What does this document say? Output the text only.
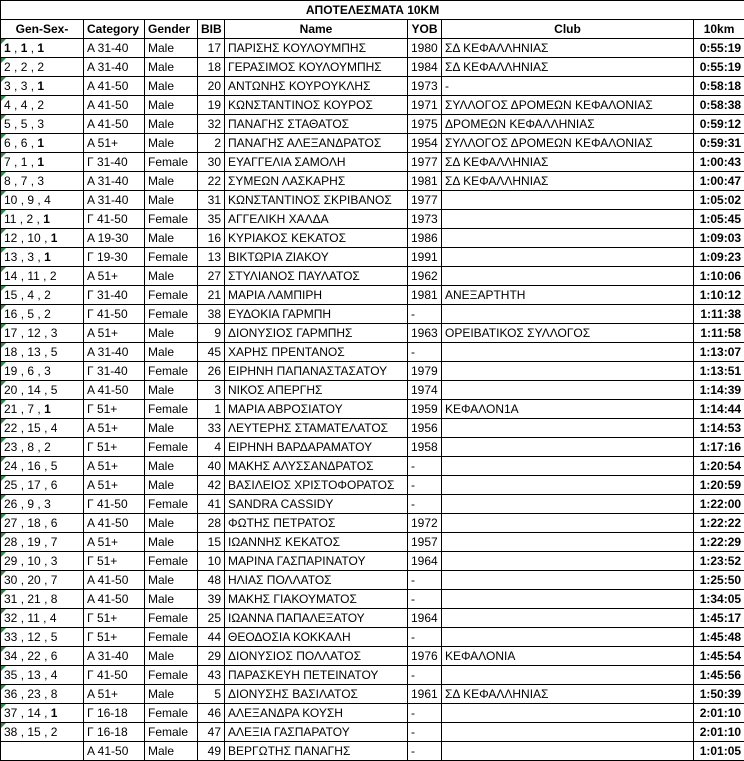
ΑΠΟΤΕΛΕΣΜΑΤΑ 10ΚΜ							
Gen-Sex-	Category	Gender	BIB	Name	YOB	Club	10km
1 , 1 , 1	Α 31-40	Male	17	ΠΑΡΙΣΗΣ ΚΟΥΛΟΥΜΠΗΣ	1980	ΣΔ ΚΕΦΑΛΛΗΝΙΑΣ	0:55:19
2 , 2 , 2	Α 31-40	Male	18	ΓΕΡΑΣΙΜΟΣ ΚΟΥΛΟΥΜΠΗΣ	1984	ΣΔ ΚΕΦΑΛΛΗΝΙΑΣ	0:55:19
3 , 3 , 1	Α 41-50	Male	20	ΑΝΤΩΝΗΣ ΚΟΥΡΟΥΚΛΗΣ	1973	-	0:58:18
4 , 4 , 2	Α 41-50	Male	19	ΚΩΝΣΤΑΝΤΙΝΟΣ ΚΟΥΡΟΣ	1971	ΣΥΛΛΟΓΟΣ ΔΡΟΜΕΩΝ ΚΕΦΑΛΟΝΙΑΣ	0:58:38
5 , 5 , 3	Α 41-50	Male	32	ΠΑΝΑΓΗΣ ΣΤΑΘΑΤΟΣ	1975	ΔΡΟΜΕΩΝ ΚΕΦΑΛΛΗΝΙΑΣ	0:59:12
6 , 6 , 1	Α 51+	Male	2	ΠΑΝΑΓΗΣ ΑΛΕΞΑΝΔΡΑΤΟΣ	1954	ΣΥΛΛΟΓΟΣ ΔΡΟΜΕΩΝ ΚΕΦΑΛΟΝΙΑΣ	0:59:31
7 , 1 , 1	Γ 31-40	Female	30	ΕΥΑΓΓΕΛΙΑ ΣΑΜΟΛΗ	1977	ΣΔ ΚΕΦΑΛΛΗΝΙΑΣ	1:00:43
8 , 7 , 3	Α 31-40	Male	22	ΣΥΜΕΩΝ ΛΑΣΚΑΡΗΣ	1981	ΣΔ ΚΕΦΑΛΛΗΝΙΑΣ	1:00:47
10 , 9 , 4	Α 31-40	Male	31	ΚΩΝΣΤΑΝΤΙΝΟΣ ΣΚΡΙΒΑΝΟΣ	1977		1:05:02
11 , 2 , 1	Γ 41-50	Female	35	ΑΓΓΕΛΙΚΗ ΧΑΛΔΑ	1973		1:05:45
12 , 10 , 1	Α 19-30	Male	16	ΚΥΡΙΑΚΟΣ ΚΕΚΑΤΟΣ	1986		1:09:03
13 , 3 , 1	Γ 19-30	Female	13	ΒΙΚΤΩΡΙΑ ΖΙΑΚΟΥ	1991		1:09:23
14 , 11 , 2	Α 51+	Male	27	ΣΤΥΛΙΑΝΟΣ ΠΑΥΛΑΤΟΣ	1962		1:10:06
15 , 4 , 2	Γ 31-40	Female	21	ΜΑΡΙΑ ΛΑΜΠΙΡΗ	1981	ΑΝΕΞΑΡΤΗΤΗ	1:10:12
16 , 5 , 2	Γ 41-50	Female	38	ΕΥΔΟΚΙΑ ΓΑΡΜΠΗ	-		1:11:38
17 , 12 , 3	Α 51+	Male	9	ΔΙΟΝΥΣΙΟΣ ΓΑΡΜΠΗΣ	1963	ΟΡΕΙΒΑΤΙΚΟΣ ΣΥΛΛΟΓΟΣ	1:11:58
18 , 13 , 5	Α 31-40	Male	45	ΧΑΡΗΣ ΠΡΕΝΤΑΝΟΣ	-		1:13:07
19 , 6 , 3	Γ 31-40	Female	26	ΕΙΡΗΝΗ ΠΑΠΑΝΑΣΤΑΣΑΤΟΥ	1979		1:13:51
20 , 14 , 5	Α 41-50	Male	3	ΝΙΚΟΣ ΑΠΕΡΓΗΣ	1974		1:14:39
21 , 7 , 1	Γ 51+	Female	1	ΜΑΡΙΑ ΑΒΡΟΣΙΑΤΟΥ	1959	ΚΕΦΑΛΟΝ1Α	1:14:44
22 , 15 , 4	Α 51+	Male	33	ΛΕΥΤΕΡΗΣ ΣΤΑΜΑΤΕΛΑΤΟΣ	1956		1:14:53
23 , 8 , 2	Γ 51+	Female	4	ΕΙΡΗΝΗ ΒΑΡΔΑΡΑΜΑΤΟΥ	1958		1:17:16
24 , 16 , 5	Α 51+	Male	40	ΜΑΚΗΣ ΑΛΥΣΣΑΝΔΡΑΤΟΣ	-		1:20:54
25 , 17 , 6	Α 51+	Male	42	ΒΑΣΙΛΕΙΟΣ ΧΡΙΣΤΟΦΟΡΑΤΟΣ	-		1:20:59
26 , 9 , 3	Γ 41-50	Female	41	SANDRA CASSIDY	-		1:22:00
27 , 18 , 6	Α 41-50	Male	28	ΦΩΤΗΣ ΠΕΤΡΑΤΟΣ	1972		1:22:22
28 , 19 , 7	Α 51+	Male	15	ΙΩΑΝΝΗΣ ΚΕΚΑΤΟΣ	1957		1:22:29
29 , 10 , 3	Γ 51+	Female	10	ΜΑΡΙΝΑ ΓΑΣΠΑΡΙΝΑΤΟΥ	1964		1:23:52
30 , 20 , 7	Α 41-50	Male	48	ΗΛΙΑΣ ΠΟΛΛΑΤΟΣ	-		1:25:50
31 , 21 , 8	Α 41-50	Male	39	ΜΑΚΗΣ ΓΙΑΚΟΥΜΑΤΟΣ	-		1:34:05
32 , 11 , 4	Γ 51+	Female	25	ΙΩΑΝΝΑ ΠΑΠΑΛΕΞΑΤΟΥ	1964		1:45:17
33 , 12 , 5	Γ 51+	Female	44	ΘΕΟΔΟΣΙΑ ΚΟΚΚΑΛΗ	-		1:45:48
34 , 22 , 6	Α 31-40	Male	29	ΔΙΟΝΥΣΙΟΣ ΠΟΛΛΑΤΟΣ	1976	ΚΕΦΑΛΟΝΙΑ	1:45:54
35 , 13 , 4	Γ 41-50	Female	43	ΠΑΡΑΣΚΕΥΗ ΠΕΤΕΙΝΑΤΟΥ	-		1:45:56
36 , 23 , 8	Α 51+	Male	5	ΔΙΟΝΥΣΗΣ ΒΑΣΙΛΑΤΟΣ	1961	ΣΔ ΚΕΦΑΛΛΗΝΙΑΣ	1:50:39
37 , 14 , 1	Γ 16-18	Female	46	ΑΛΕΞΑΝΔΡΑ ΚΟΥΣΗ	-		2:01:10
38 , 15 , 2	Γ 16-18	Female	47	ΑΛΕΞΙΑ ΓΑΣΠΑΡΑΤΟΥ	-		2:01:10
	Α 41-50	Male	49	ΒΕΡΓΩΤΗΣ ΠΑΝΑΓΗΣ	-		1:01:05
